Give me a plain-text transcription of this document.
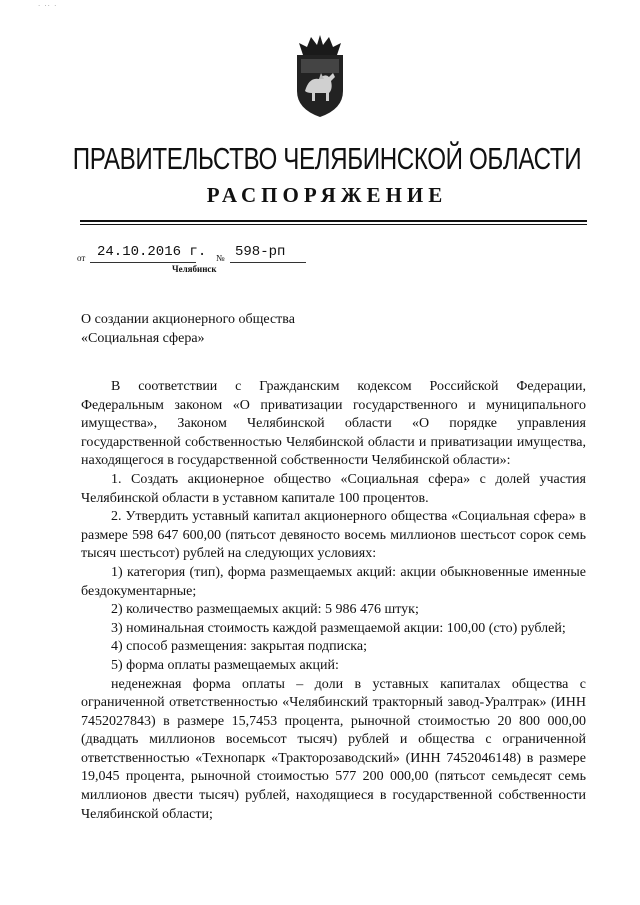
· ·· ·
ПРАВИТЕЛЬСТВО ЧЕЛЯБИНСКОЙ ОБЛАСТИ
РАСПОРЯЖЕНИЕ
от 24.10.2016 г. № 598-рп
Челябинск
О создании акционерного общества
«Социальная сфера»

В соответствии с Гражданским кодексом Российской Федерации, Федеральным законом «О приватизации государственного и муниципального имущества», Законом Челябинской области «О порядке управления государственной собственностью Челябинской области и приватизации имущества, находящегося в государственной собственности Челябинской области»:

1. Создать акционерное общество «Социальная сфера» с долей участия Челябинской области в уставном капитале 100 процентов.

2. Утвердить уставный капитал акционерного общества «Социальная сфера» в размере 598 647 600,00 (пятьсот девяносто восемь миллионов шестьсот сорок семь тысяч шестьсот) рублей на следующих условиях:

1) категория (тип), форма размещаемых акций: акции обыкновенные именные бездокументарные;

2) количество размещаемых акций: 5 986 476 штук;

3) номинальная стоимость каждой размещаемой акции: 100,00 (сто) рублей;

4) способ размещения: закрытая подписка;

5) форма оплаты размещаемых акций:

неденежная форма оплаты – доли в уставных капиталах общества с ограниченной ответственностью «Челябинский тракторный завод-Уралтрак» (ИНН 7452027843) в размере 15,7453 процента, рыночной стоимостью 20 800 000,00 (двадцать миллионов восемьсот тысяч) рублей и общества с ограниченной ответственностью «Технопарк «Тракторозаводский» (ИНН 7452046148) в размере 19,045 процента, рыночной стоимостью 577 200 000,00 (пятьсот семьдесят семь миллионов двести тысяч) рублей, находящиеся в государственной собственности Челябинской области;
